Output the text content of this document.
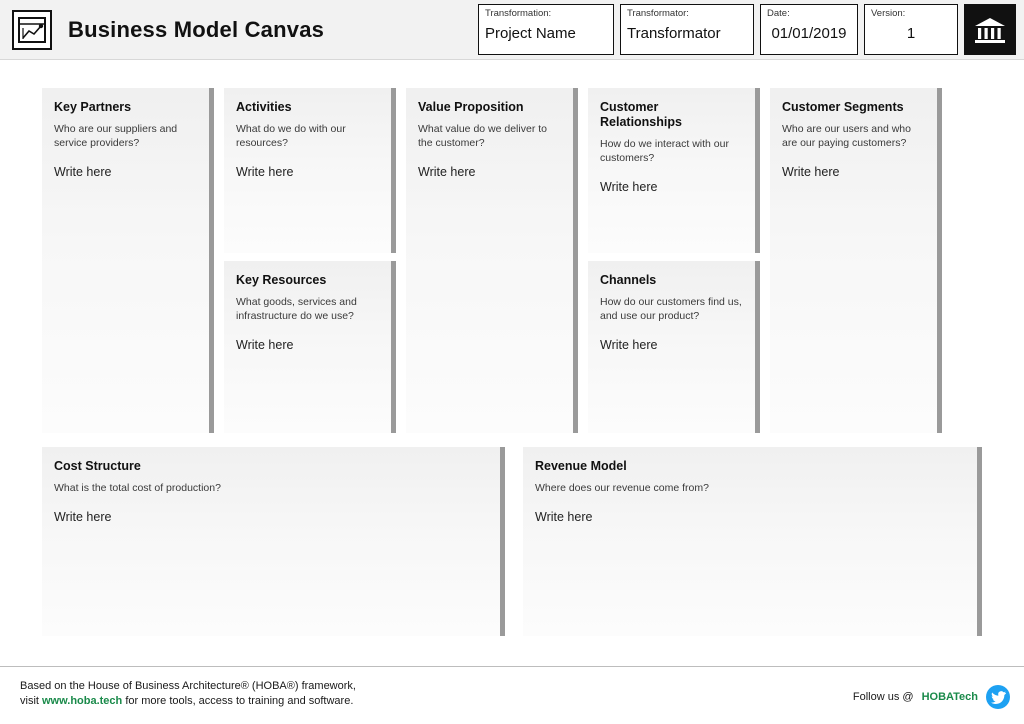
Business Model Canvas
Transformation:
Project Name	Transformator:
Transformator	Date:
01/01/2019	Version:
1

Key Partners

Who are our suppliers and service providers?

Write here

Activities

What do we do with our resources?

Write here

Key Resources

What goods, services and infrastructure do we use?

Write here

Value Proposition

What value do we deliver to the customer?

Write here

Customer Relationships

How do we interact with our customers?

Write here

Channels

How do our customers find us, and use our product?

Write here

Customer Segments

Who are our users and who are our paying customers?

Write here

Cost Structure

What is the total cost of production?

Write here

Revenue Model

Where does our revenue come from?

Write here

Based on the House of Business Architecture® (HOBA®) framework,
visit www.hoba.tech for more tools, access to training and software.	Follow us @ HOBATech
